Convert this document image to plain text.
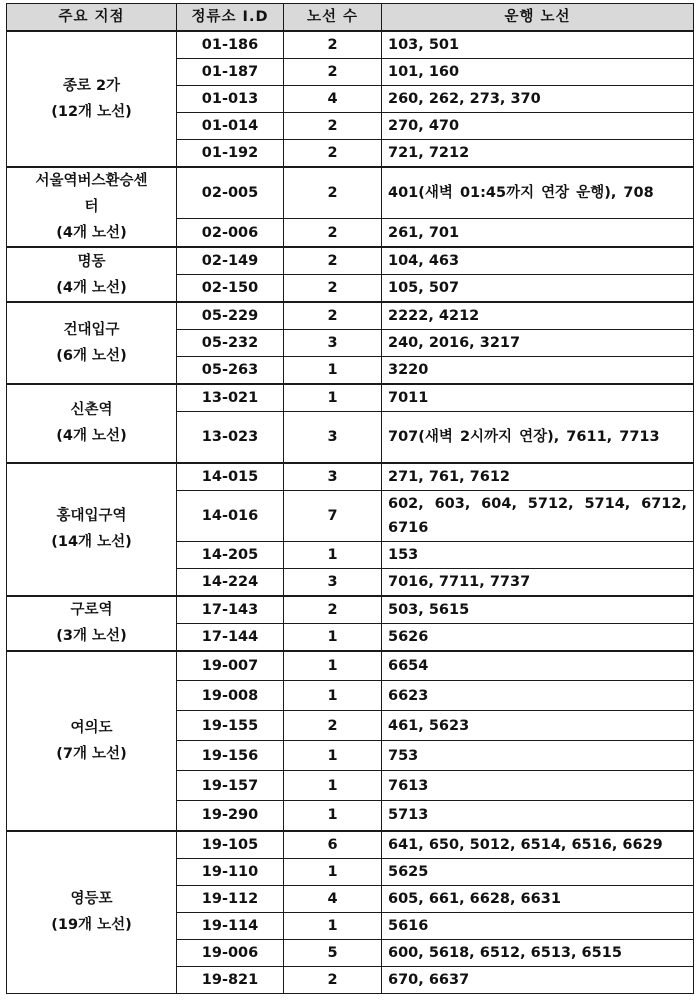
주요 지점	정류소 I.D	노선 수	운행 노선

종로 2가
(12개 노선)	01-186	2	103, 501

	01-187	2	101, 160

	01-013	4	260, 262, 273, 370

	01-014	2	270, 470

	01-192	2	721, 7212

서울역버스환승센
터
(4개 노선)	02-005	2	401(새벽 01:45까지 연장 운행), 708

	02-006	2	261, 701

명동
(4개 노선)	02-149	2	104, 463

	02-150	2	105, 507

건대입구
(6개 노선)	05-229	2	2222, 4212

	05-232	3	240, 2016, 3217

	05-263	1	3220

신촌역
(4개 노선)	13-021	1	7011

	13-023	3	707(새벽 2시까지 연장), 7611, 7713

홍대입구역
(14개 노선)	14-015	3	271, 761, 7612

	14-016	7	602, 603, 604, 5712, 5714, 6712, 6716

	14-205	1	153

	14-224	3	7016, 7711, 7737

구로역
(3개 노선)	17-143	2	503, 5615

	17-144	1	5626

여의도
(7개 노선)	19-007	1	6654

	19-008	1	6623

	19-155	2	461, 5623

	19-156	1	753

	19-157	1	7613

	19-290	1	5713

영등포
(19개 노선)	19-105	6	641, 650, 5012, 6514, 6516, 6629

	19-110	1	5625

	19-112	4	605, 661, 6628, 6631

	19-114	1	5616

	19-006	5	600, 5618, 6512, 6513, 6515

	19-821	2	670, 6637
